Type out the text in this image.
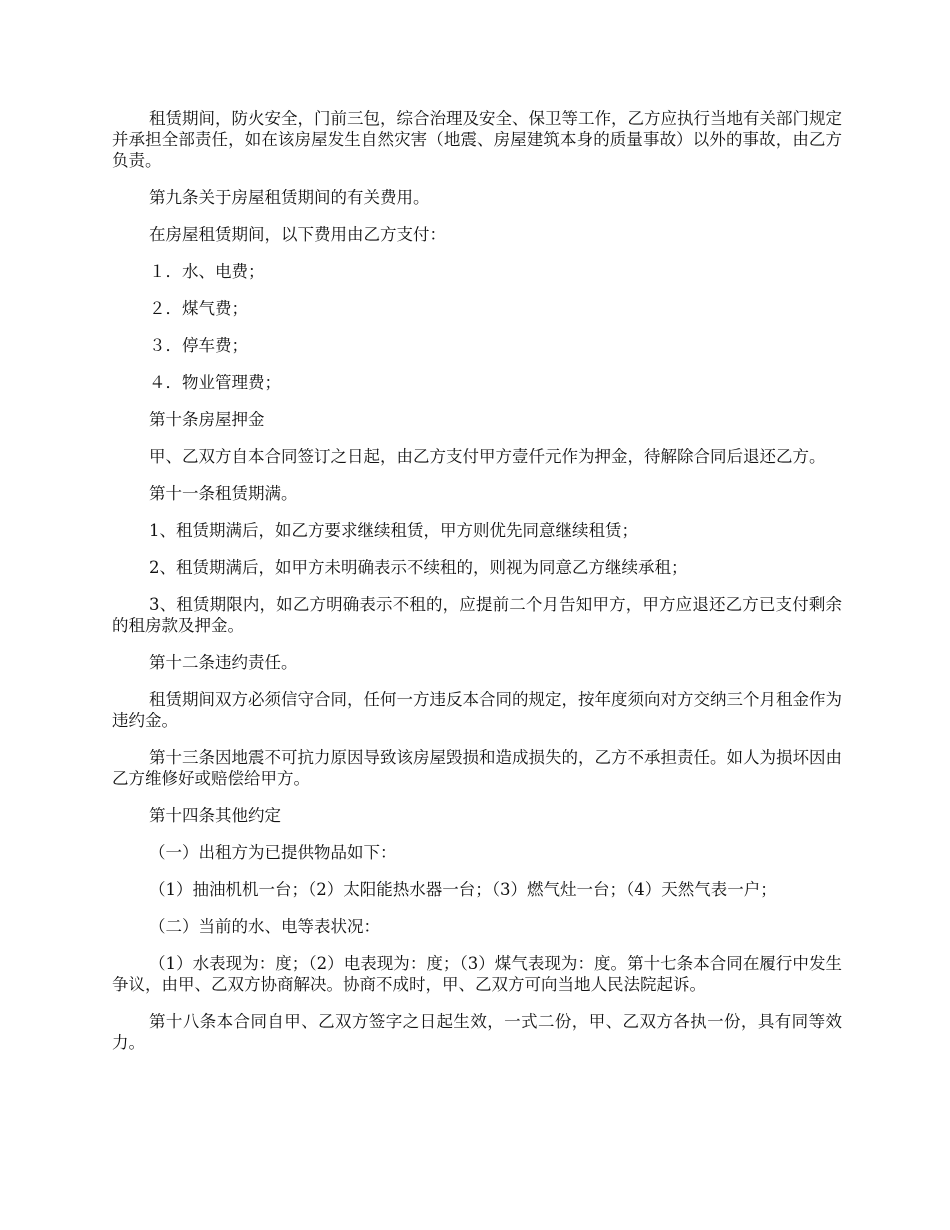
租赁期间，防火安全，门前三包，综合治理及安全、保卫等工作，乙方应执行当地有关部门规定并承担全部责任，如在该房屋发生自然灾害（地震、房屋建筑本身的质量事故）以外的事故，由乙方负责。

第九条关于房屋租赁期间的有关费用。

在房屋租赁期间，以下费用由乙方支付：

１．水、电费；

２．煤气费；

３．停车费；

４．物业管理费；

第十条房屋押金

甲、乙双方自本合同签订之日起，由乙方支付甲方壹仟元作为押金，待解除合同后退还乙方。

第十一条租赁期满。

1、租赁期满后，如乙方要求继续租赁，甲方则优先同意继续租赁；

2、租赁期满后，如甲方未明确表示不续租的，则视为同意乙方继续承租；

3、租赁期限内，如乙方明确表示不租的，应提前二个月告知甲方，甲方应退还乙方已支付剩余的租房款及押金。

第十二条违约责任。

租赁期间双方必须信守合同，任何一方违反本合同的规定，按年度须向对方交纳三个月租金作为违约金。

第十三条因地震不可抗力原因导致该房屋毁损和造成损失的，乙方不承担责任。如人为损坏因由乙方维修好或赔偿给甲方。

第十四条其他约定

（一）出租方为已提供物品如下：

（1）抽油机机一台；（2）太阳能热水器一台；（3）燃气灶一台；（4）天然气表一户；

（二）当前的水、电等表状况：

（1）水表现为：度；（2）电表现为：度；（3）煤气表现为：度。第十七条本合同在履行中发生争议，由甲、乙双方协商解决。协商不成时，甲、乙双方可向当地人民法院起诉。

第十八条本合同自甲、乙双方签字之日起生效，一式二份，甲、乙双方各执一份，具有同等效力。
